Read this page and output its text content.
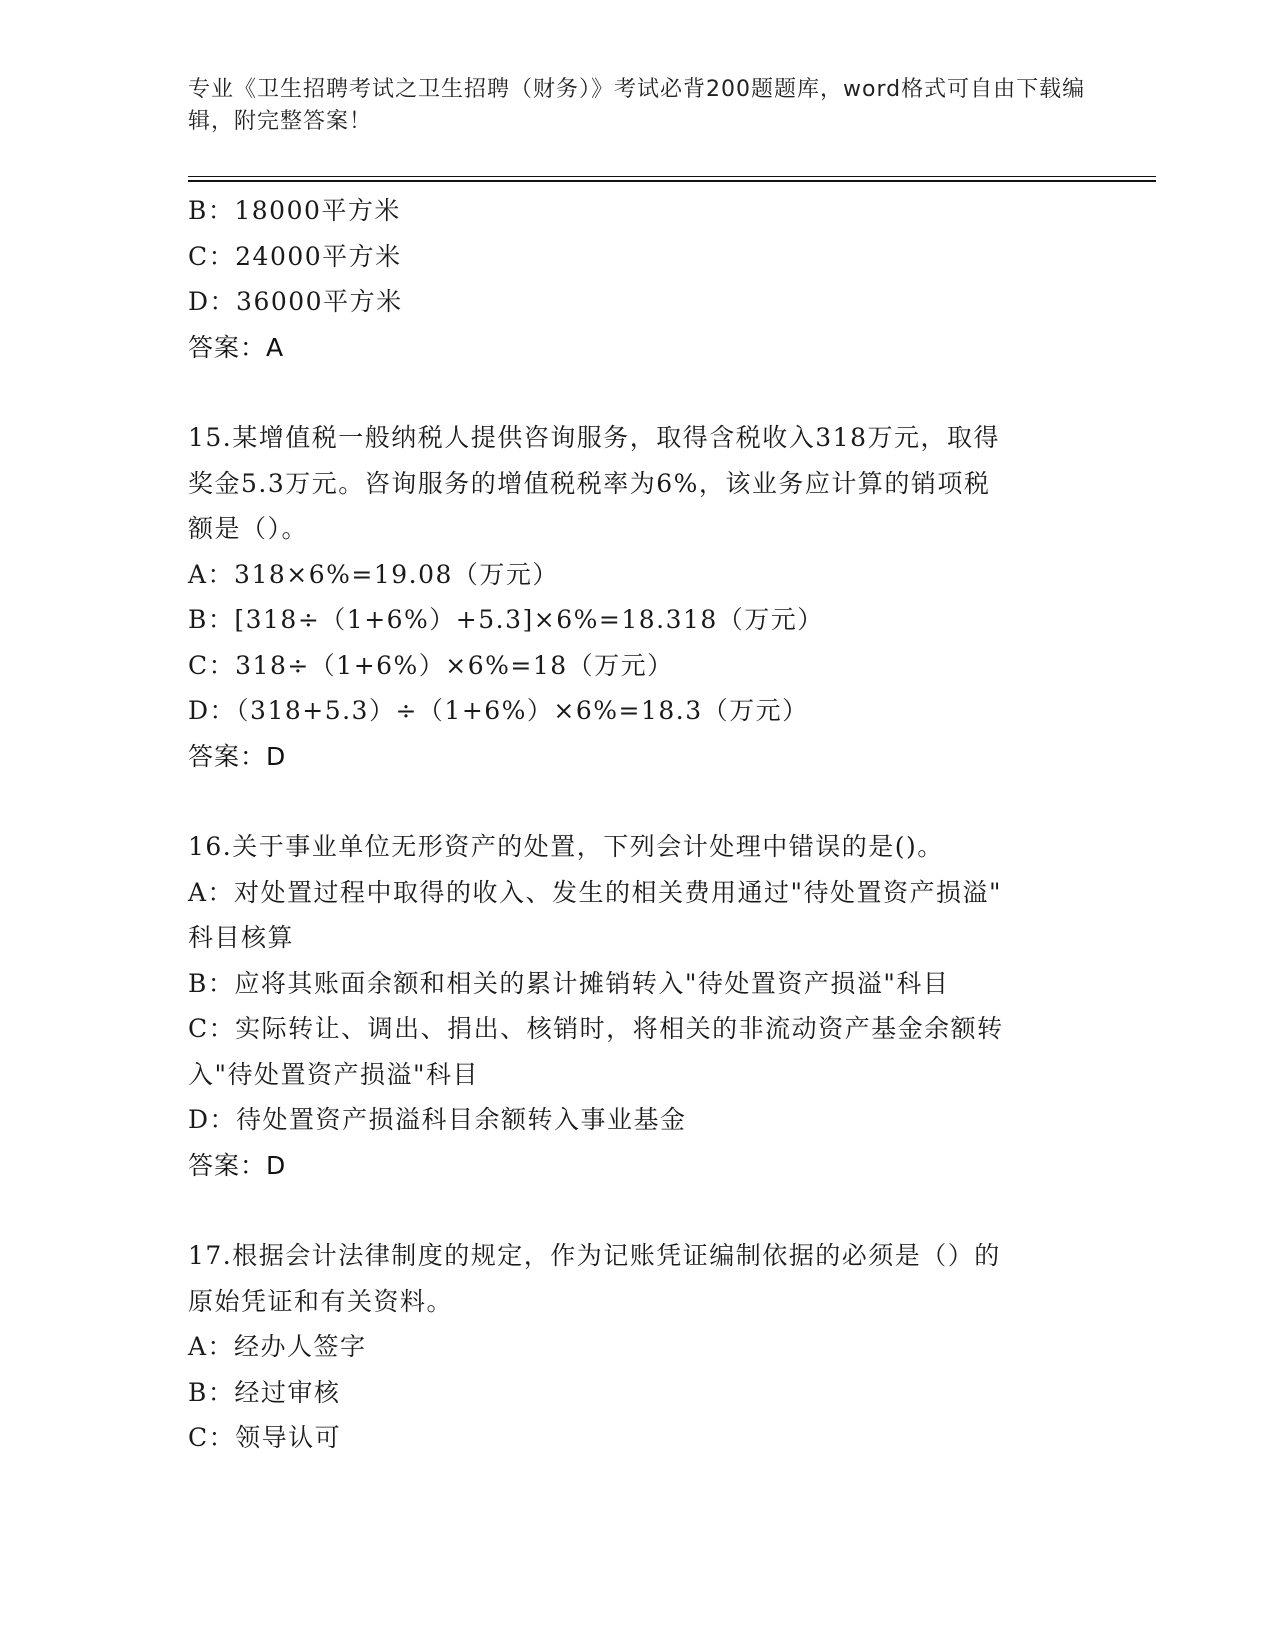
专业《卫生招聘考试之卫生招聘（财务）》考试必背200题题库，word格式可自由下载编辑，附完整答案！
B：18000平方米
C：24000平方米
D：36000平方米
答案：A
15.某增值税一般纳税人提供咨询服务，取得含税收入318万元，取得
奖金5.3万元。咨询服务的增值税税率为6%，该业务应计算的销项税
额是（）。
A：318×6%=19.08（万元）
B：[318÷（1+6%）+5.3]×6%=18.318（万元）
C：318÷（1+6%）×6%=18（万元）
D：（318+5.3）÷（1+6%）×6%=18.3（万元）
答案：D
16.关于事业单位无形资产的处置，下列会计处理中错误的是()。
A：对处置过程中取得的收入、发生的相关费用通过"待处置资产损溢"
科目核算
B：应将其账面余额和相关的累计摊销转入"待处置资产损溢"科目
C：实际转让、调出、捐出、核销时，将相关的非流动资产基金余额转
入"待处置资产损溢"科目
D：待处置资产损溢科目余额转入事业基金
答案：D
17.根据会计法律制度的规定，作为记账凭证编制依据的必须是（）的
原始凭证和有关资料。
A：经办人签字
B：经过审核
C：领导认可
